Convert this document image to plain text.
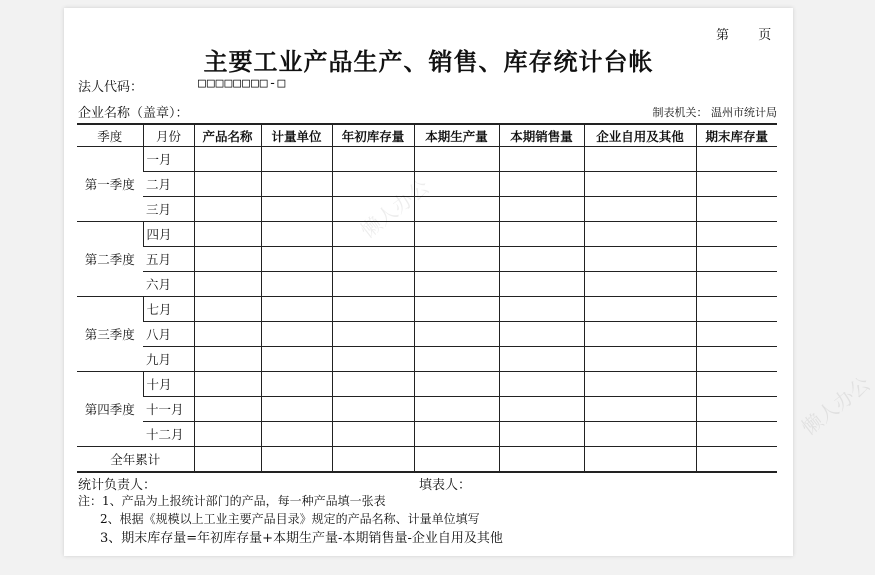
第 页
主要工业产品生产、销售、库存统计台帐
法人代码：	□□□□□□□□-□
企业名称（盖章）：	制表机关： 温州市统计局
季度	月份	产品名称	计量单位	年初库存量	本期生产量	本期销售量	企业自用及其他	期末库存量
第一季度	一月							
	二月							
	三月							
第二季度	四月							
	五月							
	六月							
第三季度	七月							
	八月							
	九月							
第四季度	十月							
	十一月							
	十二月							
全年累计								
统计负责人：	填表人：
注：1、产品为上报统计部门的产品，每一种产品填一张表
2、根据《规模以上工业主要产品目录》规定的产品名称、计量单位填写
3、期末库存量=年初库存量+本期生产量-本期销售量-企业自用及其他
懒人办公
懒人办公
